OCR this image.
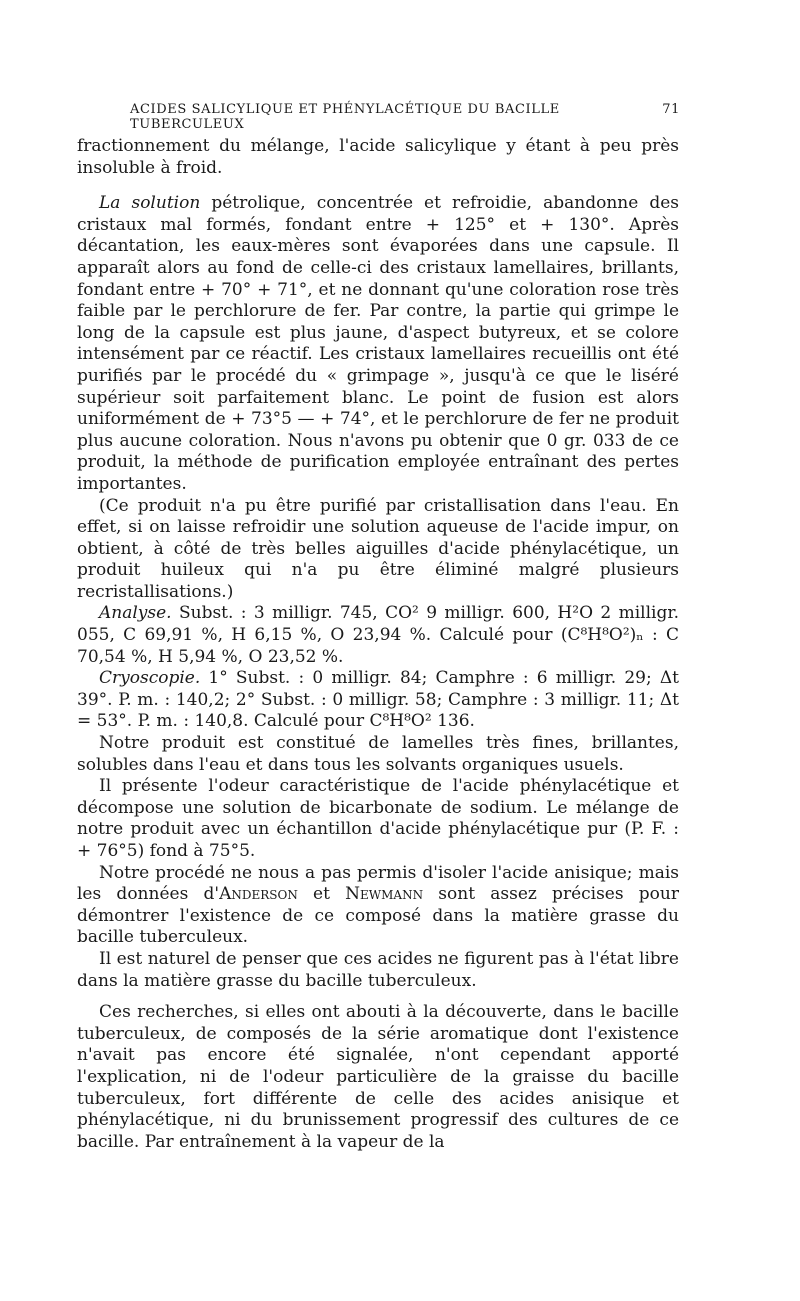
ACIDES SALICYLIQUE ET PHÉNYLACÉTIQUE DU BACILLE TUBERCULEUX
71

fractionnement du mélange, l'acide salicylique y étant à peu près insoluble à froid.

La solution pétrolique, concentrée et refroidie, abandonne des cristaux mal formés, fondant entre + 125° et + 130°. Après décantation, les eaux-mères sont évaporées dans une capsule. Il apparaît alors au fond de celle-ci des cristaux lamellaires, brillants, fondant entre + 70° + 71°, et ne donnant qu'une coloration rose très faible par le perchlorure de fer. Par contre, la partie qui grimpe le long de la capsule est plus jaune, d'aspect butyreux, et se colore intensément par ce réactif. Les cristaux lamellaires recueillis ont été purifiés par le procédé du « grimpage », jusqu'à ce que le liséré supérieur soit parfaitement blanc. Le point de fusion est alors uniformément de + 73°5 — + 74°, et le perchlorure de fer ne produit plus aucune coloration. Nous n'avons pu obtenir que 0 gr. 033 de ce produit, la méthode de purification employée entraînant des pertes importantes.

(Ce produit n'a pu être purifié par cristallisation dans l'eau. En effet, si on laisse refroidir une solution aqueuse de l'acide impur, on obtient, à côté de très belles aiguilles d'acide phénylacétique, un produit huileux qui n'a pu être éliminé malgré plusieurs recristallisations.)

Analyse. Subst. : 3 milligr. 745, CO² 9 milligr. 600, H²O 2 milligr. 055, C 69,91 %, H 6,15 %, O 23,94 %. Calculé pour (C⁸H⁸O²)ₙ : C 70,54 %, H 5,94 %, O 23,52 %.

Cryoscopie. 1° Subst. : 0 milligr. 84; Camphre : 6 milligr. 29; Δt 39°. P. m. : 140,2; 2° Subst. : 0 milligr. 58; Camphre : 3 milligr. 11; Δt = 53°. P. m. : 140,8. Calculé pour C⁸H⁸O² 136.

Notre produit est constitué de lamelles très fines, brillantes, solubles dans l'eau et dans tous les solvants organiques usuels.

Il présente l'odeur caractéristique de l'acide phénylacétique et décompose une solution de bicarbonate de sodium. Le mélange de notre produit avec un échantillon d'acide phénylacétique pur (P. F. : + 76°5) fond à 75°5.

Notre procédé ne nous a pas permis d'isoler l'acide anisique; mais les données d'Anderson et Newmann sont assez précises pour démontrer l'existence de ce composé dans la matière grasse du bacille tuberculeux.

Il est naturel de penser que ces acides ne figurent pas à l'état libre dans la matière grasse du bacille tuberculeux.

Ces recherches, si elles ont abouti à la découverte, dans le bacille tuberculeux, de composés de la série aromatique dont l'existence n'avait pas encore été signalée, n'ont cependant apporté l'explication, ni de l'odeur particulière de la graisse du bacille tuberculeux, fort différente de celle des acides anisique et phénylacétique, ni du brunissement progressif des cultures de ce bacille. Par entraînement à la vapeur de la
